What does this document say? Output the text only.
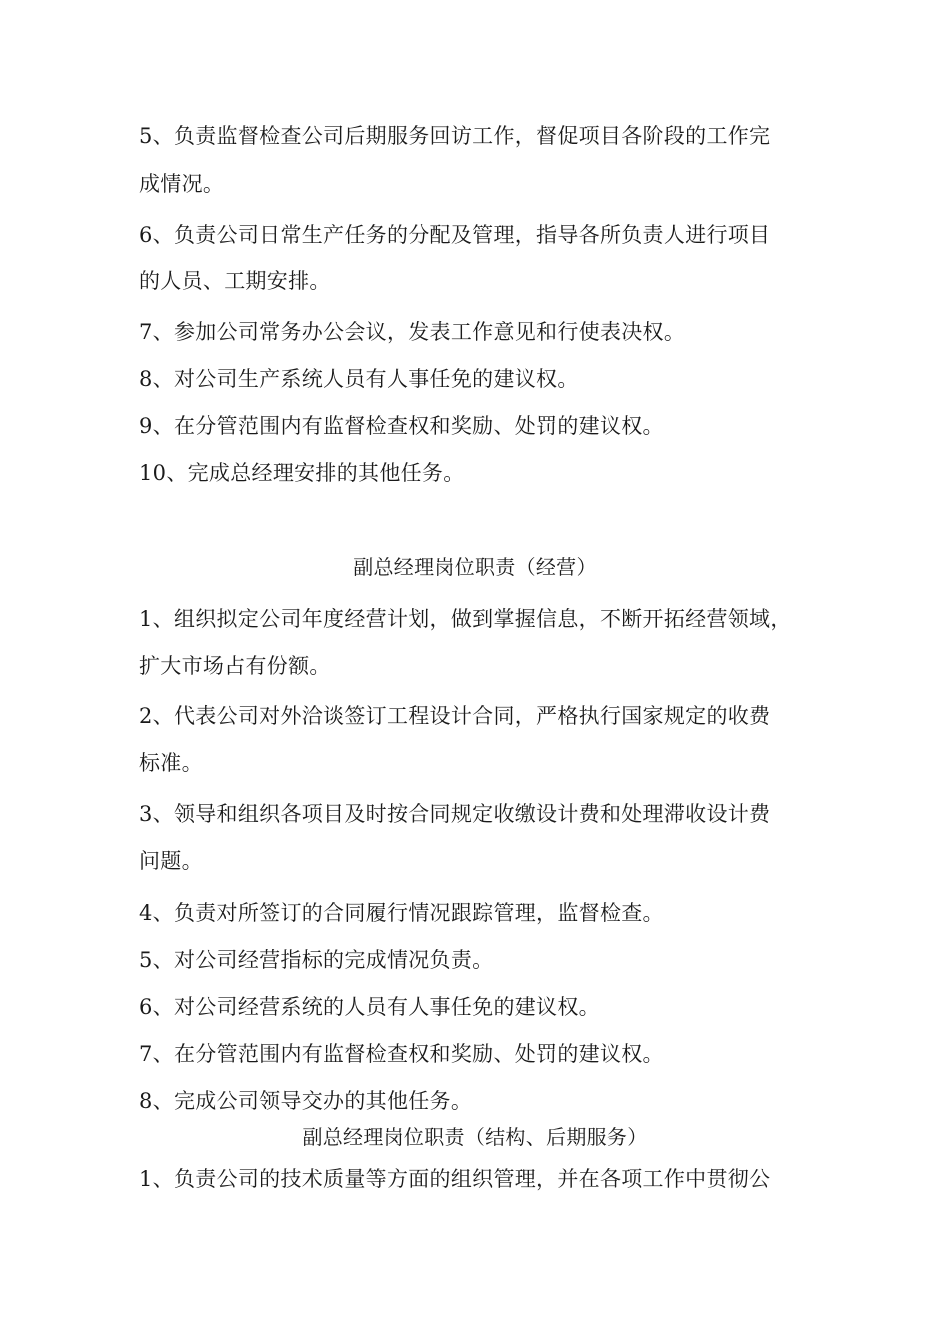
5、负责监督检查公司后期服务回访工作，督促项目各阶段的工作完
成情况。
6、负责公司日常生产任务的分配及管理，指导各所负责人进行项目
的人员、工期安排。
7、参加公司常务办公会议，发表工作意见和行使表决权。
8、对公司生产系统人员有人事任免的建议权。
9、在分管范围内有监督检查权和奖励、处罚的建议权。
10、完成总经理安排的其他任务。
副总经理岗位职责（经营）
1、组织拟定公司年度经营计划，做到掌握信息，不断开拓经营领域，
扩大市场占有份额。
2、代表公司对外洽谈签订工程设计合同，严格执行国家规定的收费
标准。
3、领导和组织各项目及时按合同规定收缴设计费和处理滞收设计费
问题。
4、负责对所签订的合同履行情况跟踪管理，监督检查。
5、对公司经营指标的完成情况负责。
6、对公司经营系统的人员有人事任免的建议权。
7、在分管范围内有监督检查权和奖励、处罚的建议权。
8、完成公司领导交办的其他任务。
副总经理岗位职责（结构、后期服务）
1、负责公司的技术质量等方面的组织管理，并在各项工作中贯彻公
